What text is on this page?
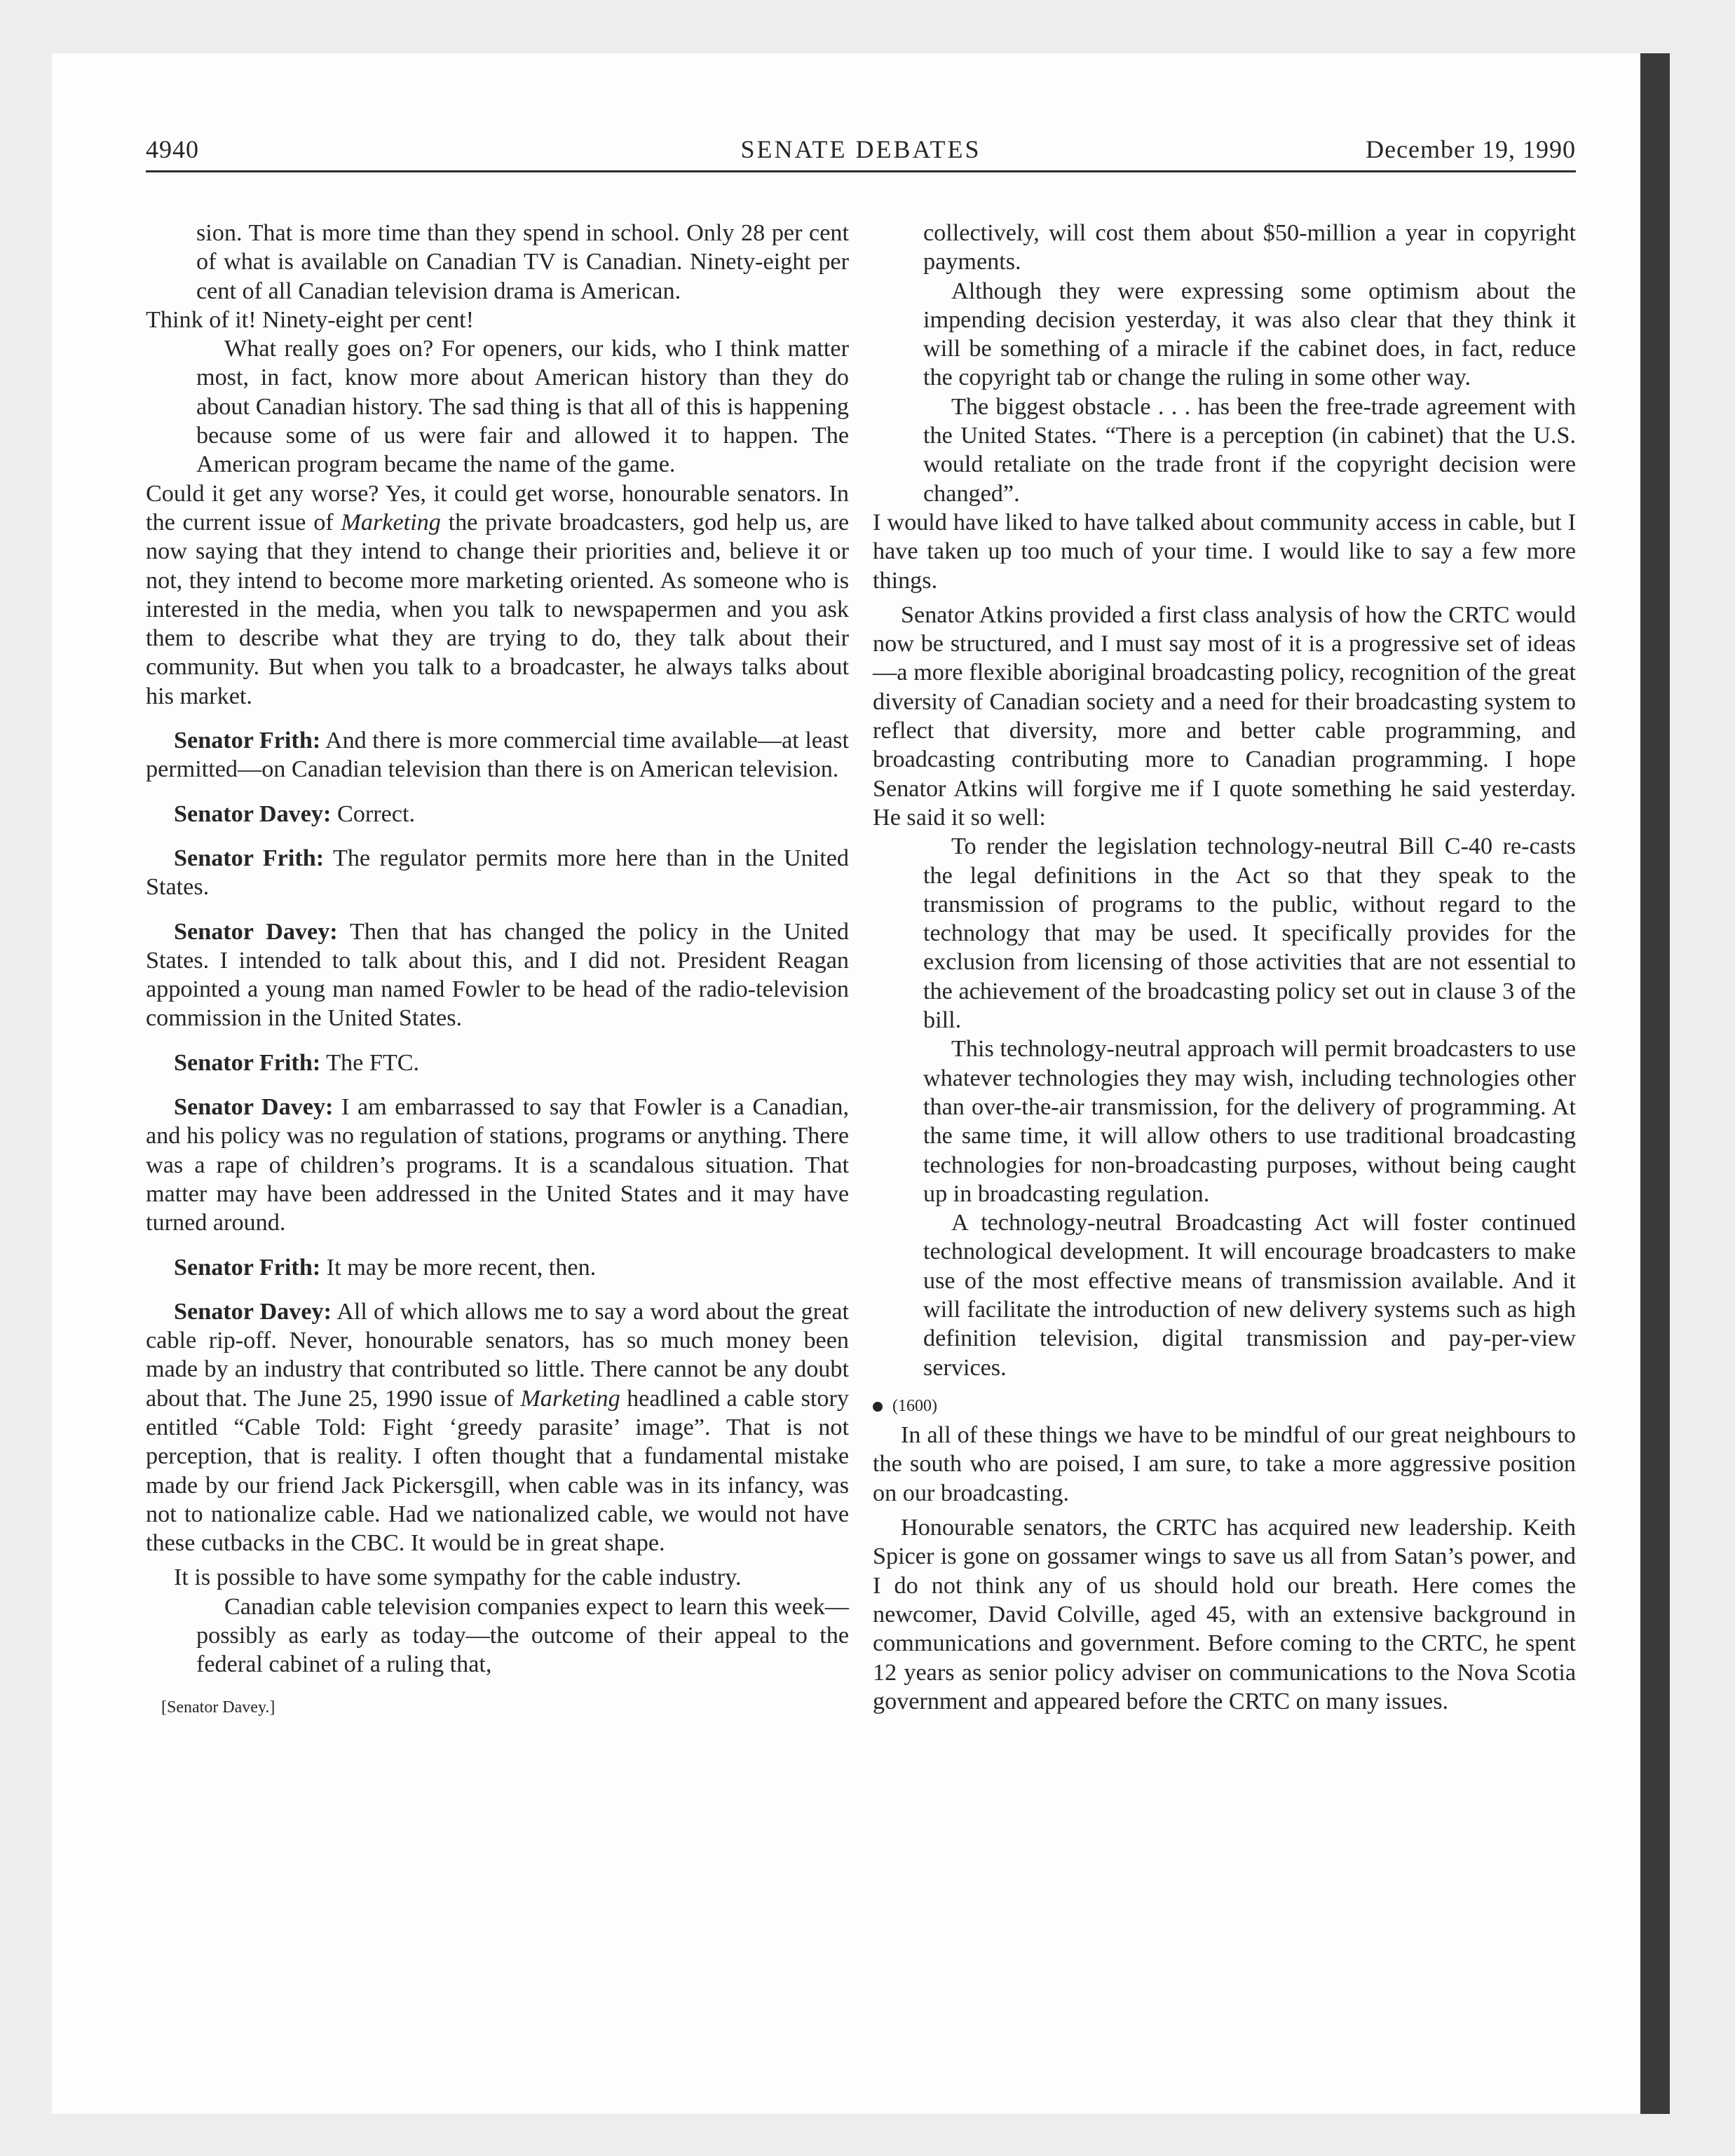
4940	SENATE DEBATES	December 19, 1990

sion. That is more time than they spend in school. Only 28 per cent of what is available on Canadian TV is Canadian. Ninety-eight per cent of all Canadian television drama is American.

Think of it! Ninety-eight per cent!

What really goes on? For openers, our kids, who I think matter most, in fact, know more about American history than they do about Canadian history. The sad thing is that all of this is happening because some of us were fair and allowed it to happen. The American program became the name of the game.

Could it get any worse? Yes, it could get worse, honourable senators. In the current issue of Marketing the private broadcasters, god help us, are now saying that they intend to change their priorities and, believe it or not, they intend to become more marketing oriented. As someone who is interested in the media, when you talk to newspapermen and you ask them to describe what they are trying to do, they talk about their community. But when you talk to a broadcaster, he always talks about his market.

Senator Frith: And there is more commercial time available—at least permitted—on Canadian television than there is on American television.

Senator Davey: Correct.

Senator Frith: The regulator permits more here than in the United States.

Senator Davey: Then that has changed the policy in the United States. I intended to talk about this, and I did not. President Reagan appointed a young man named Fowler to be head of the radio-television commission in the United States.

Senator Frith: The FTC.

Senator Davey: I am embarrassed to say that Fowler is a Canadian, and his policy was no regulation of stations, programs or anything. There was a rape of children’s programs. It is a scandalous situation. That matter may have been addressed in the United States and it may have turned around.

Senator Frith: It may be more recent, then.

Senator Davey: All of which allows me to say a word about the great cable rip-off. Never, honourable senators, has so much money been made by an industry that contributed so little. There cannot be any doubt about that. The June 25, 1990 issue of Marketing headlined a cable story entitled “Cable Told: Fight ‘greedy parasite’ image”. That is not perception, that is reality. I often thought that a fundamental mistake made by our friend Jack Pickersgill, when cable was in its infancy, was not to nationalize cable. Had we nationalized cable, we would not have these cutbacks in the CBC. It would be in great shape.

It is possible to have some sympathy for the cable industry.

Canadian cable television companies expect to learn this week—possibly as early as today—the outcome of their appeal to the federal cabinet of a ruling that,

[Senator Davey.]

collectively, will cost them about $50-million a year in copyright payments.

Although they were expressing some optimism about the impending decision yesterday, it was also clear that they think it will be something of a miracle if the cabinet does, in fact, reduce the copyright tab or change the ruling in some other way.

The biggest obstacle . . . has been the free-trade agreement with the United States. “There is a perception (in cabinet) that the U.S. would retaliate on the trade front if the copyright decision were changed”.

I would have liked to have talked about community access in cable, but I have taken up too much of your time. I would like to say a few more things.

Senator Atkins provided a first class analysis of how the CRTC would now be structured, and I must say most of it is a progressive set of ideas—a more flexible aboriginal broadcasting policy, recognition of the great diversity of Canadian society and a need for their broadcasting system to reflect that diversity, more and better cable programming, and broadcasting contributing more to Canadian programming. I hope Senator Atkins will forgive me if I quote something he said yesterday. He said it so well:

To render the legislation technology-neutral Bill C-40 re-casts the legal definitions in the Act so that they speak to the transmission of programs to the public, without regard to the technology that may be used. It specifically provides for the exclusion from licensing of those activities that are not essential to the achievement of the broadcasting policy set out in clause 3 of the bill.

This technology-neutral approach will permit broadcasters to use whatever technologies they may wish, including technologies other than over-the-air transmission, for the delivery of programming. At the same time, it will allow others to use traditional broadcasting technologies for non-broadcasting purposes, without being caught up in broadcasting regulation.

A technology-neutral Broadcasting Act will foster continued technological development. It will encourage broadcasters to make use of the most effective means of transmission available. And it will facilitate the introduction of new delivery systems such as high definition television, digital transmission and pay-per-view services.

(1600)

In all of these things we have to be mindful of our great neighbours to the south who are poised, I am sure, to take a more aggressive position on our broadcasting.

Honourable senators, the CRTC has acquired new leadership. Keith Spicer is gone on gossamer wings to save us all from Satan’s power, and I do not think any of us should hold our breath. Here comes the newcomer, David Colville, aged 45, with an extensive background in communications and government. Before coming to the CRTC, he spent 12 years as senior policy adviser on communications to the Nova Scotia government and appeared before the CRTC on many issues.
